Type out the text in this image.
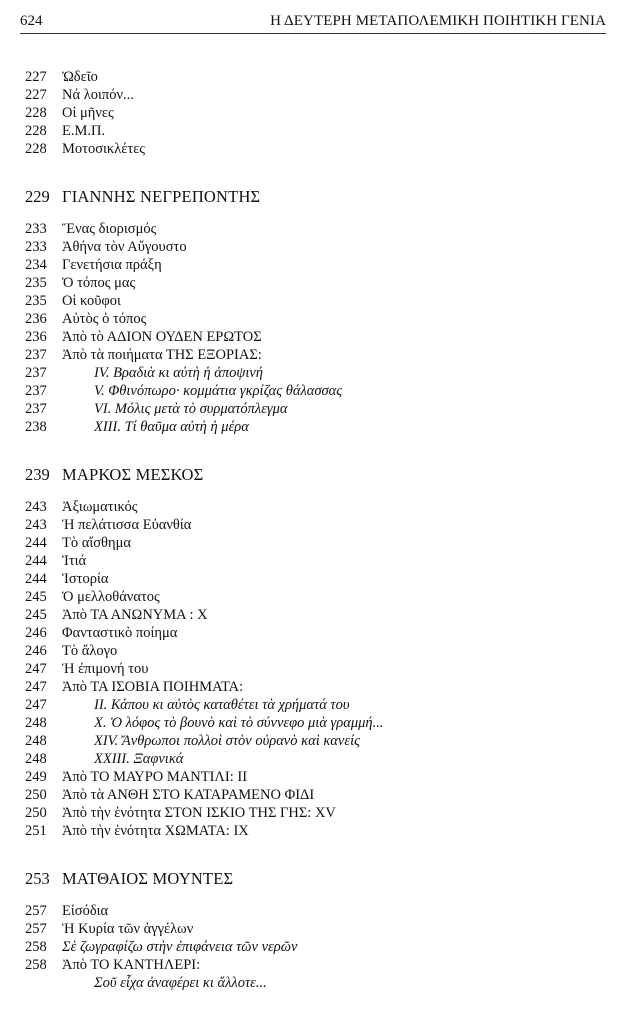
624	Η ΔΕΥΤΕΡΗ ΜΕΤΑΠΟΛΕΜΙΚΗ ΠΟΙΗΤΙΚΗ ΓΕΝΙΑ
227 Ὠδεῖο
227 Νά λοιπόν...
228 Οἱ μῆνες
228 Ε.Μ.Π.
228 Μοτοσικλέτες
229 ΓΙΑΝΝΗΣ ΝΕΓΡΕΠΟΝΤΗΣ
233 Ἕνας διορισμός
233 Ἀθήνα τὸν Αὔγουστο
234 Γενετήσια πράξη
235 Ὁ τόπος μας
235 Οἱ κοῦφοι
236 Αὐτὸς ὁ τόπος
236 Ἀπὸ τὸ ΑΔΙΟΝ ΟΥΔΕΝ ΕΡΩΤΟΣ
237 Ἀπὸ τὰ ποιήματα ΤΗΣ ΕΞΟΡΙΑΣ:
237	IV. Βραδιὰ κι αὐτὴ ἡ ἀποψινή
237	V. Φθινόπωρο· κομμάτια γκρίζας θάλασσας
237	VI. Μόλις μετὰ τὸ συρματόπλεγμα
238	XIII. Τί θαῦμα αὐτὴ ἡ μέρα
239 ΜΑΡΚΟΣ ΜΕΣΚΟΣ
243 Ἀξιωματικός
243 Ἡ πελάτισσα Εὐανθία
244 Τὸ αἴσθημα
244 Ἰτιά
244 Ἱστορία
245 Ὁ μελλοθάνατος
245 Ἀπὸ ΤΑ ΑΝΩΝΥΜΑ : Χ
246 Φανταστικὸ ποίημα
246 Τὸ ἄλογο
247 Ἡ ἐπιμονή του
247 Ἀπὸ ΤΑ ΙΣΟΒΙΑ ΠΟΙΗΜΑΤΑ:
247	II. Κάπου κι αὐτὸς καταθέτει τὰ χρήματά του
248	X. Ὁ λόφος τὸ βουνὸ καὶ τὸ σύννεφο μιὰ γραμμή...
248	XIV. Ἄνθρωποι πολλοὶ στὸν οὐρανὸ καὶ κανείς
248	XXIII. Ξαφνικά
249 Ἀπὸ ΤΟ ΜΑΥΡΟ ΜΑΝΤΙΛΙ: II
250 Ἀπὸ τὰ ΑΝΘΗ ΣΤΟ ΚΑΤΑΡΑΜΕΝΟ ΦΙΔΙ
250 Ἀπὸ τὴν ἑνότητα ΣΤΟΝ ΙΣΚΙΟ ΤΗΣ ΓΗΣ: XV
251 Ἀπὸ τὴν ἑνότητα ΧΩΜΑΤΑ: IX
253 ΜΑΤΘΑΙΟΣ ΜΟΥΝΤΕΣ
257 Εἰσόδια
257 Ἡ Κυρία τῶν ἀγγέλων
258 Σὲ ζωγραφίζω στὴν ἐπιφάνεια τῶν νερῶν
258 Ἀπὸ ΤΟ ΚΑΝΤΗΛΕΡΙ:
Σοῦ εἶχα ἀναφέρει κι ἄλλοτε...
